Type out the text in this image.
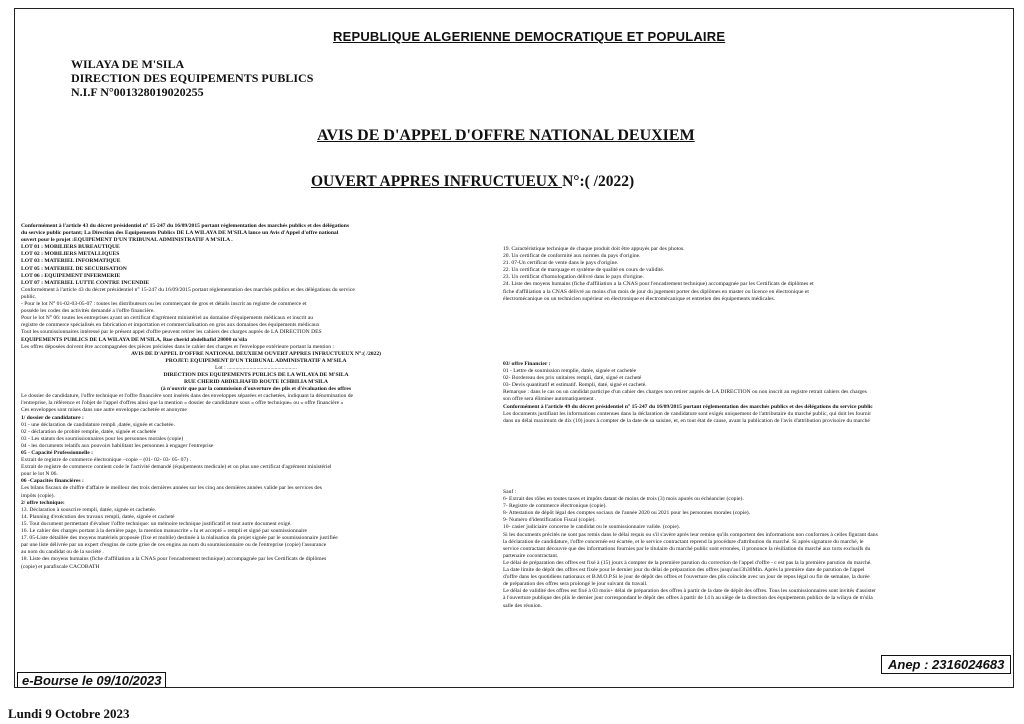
REPUBLIQUE ALGERIENNE DEMOCRATIQUE ET POPULAIRE
WILAYA DE M'SILA
DIRECTION DES EQUIPEMENTS PUBLICS
N.I.F N°001328019020255
AVIS DE D'APPEL D'OFFRE NATIONAL DEUXIEM
OUVERT APPRES INFRUCTUEUX N°:( /2022)
Conformément à l'article 43 du décret présidentiel n° 15-247 du 16/09/2015 portant réglementation des marchés publics et des délégations
du service public portant; La Direction des Equipements Publics DE LA WILAYA DE M'SILA lance un Avis d'Appel d'offre national
ouvert pour le projet :EQUIPEMENT D'UN TRIBUNAL ADMINISTRATIF A M'SILA .
LOT 01 : MOBILIERS BUREAUTIQUE
LOT 02 : MOBILIERS METALLIQUES
LOT 03 : MATERIEL INFORMATIQUE
LOT 05 : MATERIEL DE SECURISATION
LOT 06 : EQUIPEMENT INFERMERIE
LOT 07 : MATERIEL LUTTE CONTRE INCENDIE
Conformément à l'article 43 du décret présidentiel n° 15-247 du 16/09/2015 portant réglementation des marchés publics et des délégations du service
public.
- Pour le lot N° 01-02-03-05-07 : toutes les distributeurs ou les commerçant de gros et détails inscrit au registre de commerce et
possède les codes des activités demandé a l'offre financière.
Pour le lot N° 06: toutes les entreprises ayant un certificat d'agrément ministériel au domaine d'équipements médicaux et inscrit au
registre de commerce spécialisés en fabrication et importation et commercialisation en gros aux domaines des équipements médicaux
Tout les soumissionnaires intéressé par le présent appel d'offre peuvent retirer les cahiers des charges auprès de LA DIRECTION DES
EQUIPEMENTS PUBLICS DE LA WILAYA DE M'SILA, Rue cherid abdelhafid 28000 m'sila
Les offres déposées doivent être accompagnées des pièces précisées dans le cahier des charges et l'enveloppe extérieure portant la mention :
AVIS DE D'APPEL D'OFFRE NATIONAL DEUXIEM OUVERT APPRES INFRUCTUEUX N°:( /2022)
PROJET: EQUIPEMENT D'UN TRIBUNAL ADMINISTRATIF A M'SILA
Lot : ..................................................
DIRECTION DES EQUIPEMENTS PUBLICS DE LA WILAYA DE M'SILA
RUE CHERID ABDELHAFID ROUTE ICHBILIA M'SILA
(à n'ouvrir que par la commission d'ouverture des plis et d'évaluation des offres
Le dossier de candidature, l'offre technique et l'offre financière sont insérés dans des enveloppes séparées et cachetées, indiquant la dénomination de
l'entreprise, la référence et l'objet de l'appel d'offres ainsi que la mention « dossier de candidature sous « offre technique» ou « offre financière »
Ces enveloppes sont mises dans une autre enveloppe cachetée et anonyme
1/ dossier de candidature :
01 - une déclaration de candidature rempli ,datée, signée et cachetée.
02 - déclaration de probité remplie, datée, signée et cachetée
03 - Les statuts des soumissionnaires pour les personnes morales (copie)
04 - les documents relatifs aux pouvoirs habilitant les personnes à engager l'entreprise
05 - Capacité Professionnelle :
Extrait de registre de commerce électronique –copie – (01- 02- 03- 05- 07) .
Extrait de registre de commerce contient code le l'activité demandé (équipements medicale) et on plus une certificat d'agrément ministériel
pour le lot N 06.
06 -Capacités financières :
Les bilans fiscaux de chiffre d'affaire le meilleur des trois dernières années sur les cinq ans dernières années valide par les services des
impôts (copie).
2/ offre technique:
13. Déclaration à souscrire rempli, datée, signée et cachetée.
14. Planning d'exécution des travaux rempli, datée, signée et cacheté
15. Tout document permettant d'évaluer l'offre technique: un mémoire technique justificatif et tout autre document exigé.
16. Le cahier des charges portant à la dernière page, la mention manuscrite « lu et accepté » rempli et signé par soumissionnaire
17. 05-Liste détaillée des moyens matériels proposée (fixe et mobile) destinée à la réalisation du projet signée par le soumissionnaire justifiée
par une liste délivrée par un expert d'engins de carte grise de ces engins au nom du soumissionnaire ou de l'entreprise (copie) l'assurance
au nom du candidat ou de la société .
18. Liste des moyens humains (fiche d'affiliation a la CNAS pour l'encadrement technique) accompagnée par les Certificats de diplômes
(copie) et parafiscale CACOBATH
19. Caractéristique technique de chaque produit doit être appuyés par des photos.
20. Un certificat de conformité aux normes du pays d'origine.
21. 07-Un certificat de vente dans le pays d'origine.
22. Un certificat de marquage et système de qualité en cours de validité.
23. Un certificat d'homologation délivré dans le pays d'origine.
24. Liste des moyens humains (fiche d'affiliation a la CNAS pour l'encadrement technique) accompagnée par les Certificats de diplômes et
fiche d'affiliation a la CNAS délivré au moins d'un mois de jour du jugement porter des diplômes en master ou licence en électronique et
électromécanique ou un technicien supérieur en électronique et électromécanique et entretien des équipements médicales.
03/ offre Financier :
01 - Lettre de soumission remplie, datée, signée et cachetée
02- Bordereau des prix unitaires rempli, daté, signé et cacheté
03- Devis quantitatif et estimatif. Rempli, daté, signé et cacheté.
Remarque : dans le cas ou un candidat participe d'un cahier des charges non retirer auprès de LA DIRECTION ou non inscrit au registre retrait cahiers des charges
son offre sera éliminer automatiquement .
Conformément à l'article 49 du décret présidentiel n° 15-247 du 16/09/2015 portant réglementation des marchés publics et des délégations du service public
Les documents justifiant les informations contenues dans la déclaration de candidature sont exigés uniquement de l'attributaire du marché public, qui doit les fournir
dans un délai maximum de dix (10) jours à compter de la date de sa saisine, et, en tout état de cause, avant la publication de l'avis d'attribution provisoire du marché
Sauf :
6- Extrait des rôles en toutes taxes et impôts datant de moins de trois (3) mois apurés ou échéancier (copie).
7- Registre de commerce électronique (copie).
8- Attestation de dépôt légal des comptes sociaux de l'année 2020 ou 2021 pour les personnes morales (copie).
9- Numéro d'identification Fiscal (copie).
10- casier judiciaire concerne le candidat ou le soumissionnaire valide. (copie).
Si les documents précités ne sont pas remis dans le délai requis ou s'il s'avère après leur remise qu'ils comportent des informations non conformes à celles figurant dans
la déclaration de candidature, l'offre concernée est écartée, et le service contractant reprend la procédure d'attribution du marché. Si après signature du marché, le
service contractant découvre que des informations fournies par le titulaire du marché public sont erronées, il prononce la résiliation du marché aux torts exclusifs du
partenaire cocontractant.
Le délai de préparation des offres est fixé à (15) jours à compter de la première parution du correction de l'appel d'offre - c est pas la la première parution du marché.
La date limite de dépôt des offres est fixée pour le dernier jour du délai de préparation des offres jusqu'au13h30Min. Après la première date de parution de l'appel
d'offre dans les quotidiens nationaux et B.M.O.P.Si le jour de dépôt des offres et l'ouverture des plis coïncide avec un jour de repos légal ou fin de semaine, la durée
de préparation des offres sera prolongé le jour suivant du travail.
Le délai de validité des offres est fixé à 03 mois+ délai de préparation des offres à partir de la date de dépôt des offres. Tous les soumissionnaires sont invités d'assister
à l'ouverture publique des plis le dernier jour correspondant le dépôt des offres à partir de 14 h au siège de la direction des équipements publics de la wilaya de m'sila
salle des réunion.
Anep : 2316024683
e-Bourse le 09/10/2023
Lundi 9 Octobre 2023
